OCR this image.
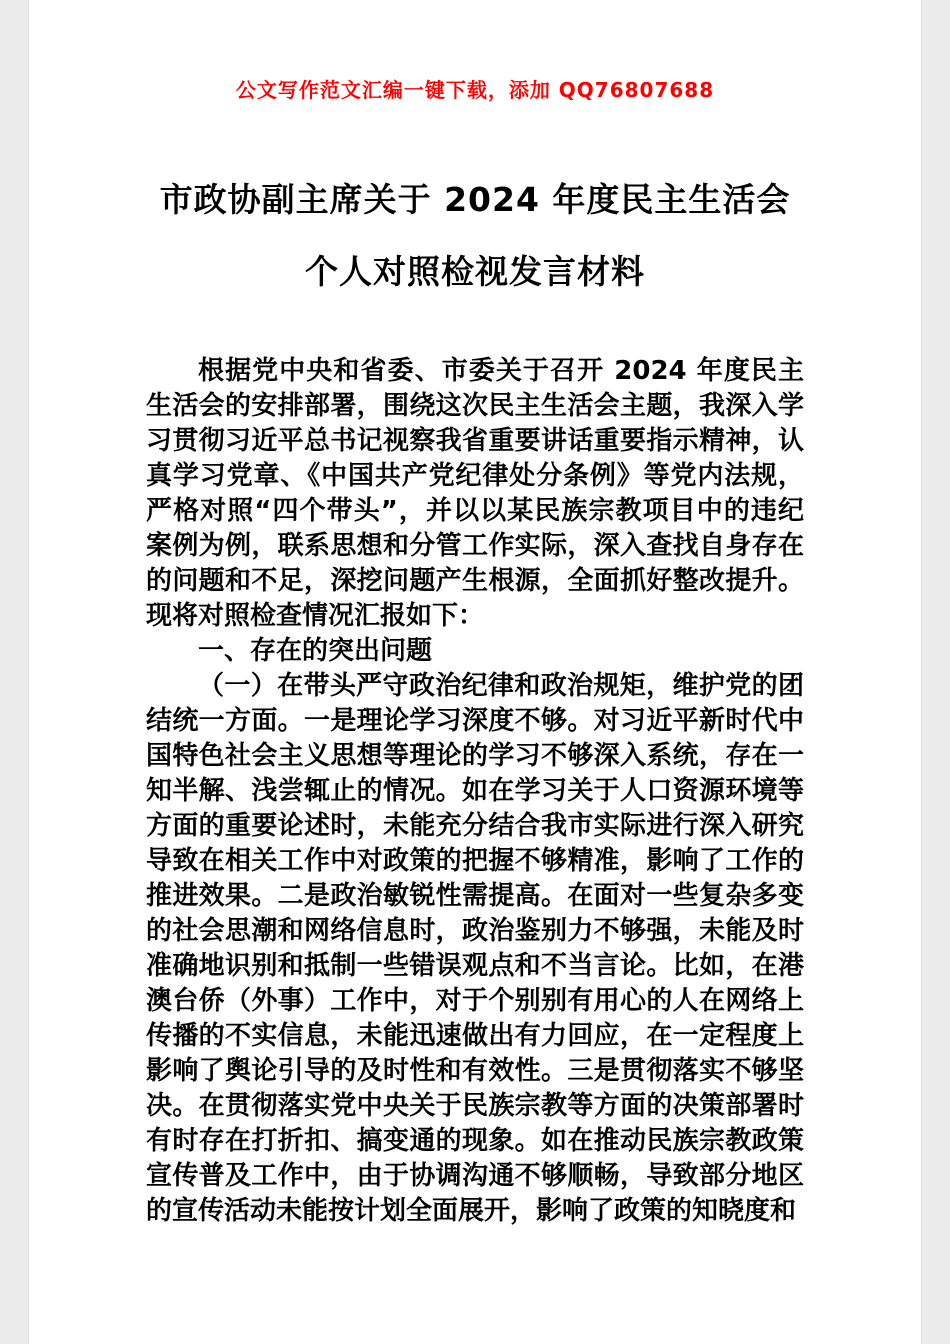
公文写作范文汇编一键下载，添加 QQ76807688
市政协副主席关于 2024 年度民主生活会个人对照检视发言材料

根据党中央和省委、市委关于召开 2024 年度民主生活会的安排部署，围绕这次民主生活会主题，我深入学习贯彻习近平总书记视察我省重要讲话重要指示精神，认真学习党章、《中国共产党纪律处分条例》等党内法规，严格对照“四个带头”，并以以某民族宗教项目中的违纪案例为例，联系思想和分管工作实际，深入查找自身存在的问题和不足，深挖问题产生根源，全面抓好整改提升。现将对照检查情况汇报如下：

一、存在的突出问题

（一）在带头严守政治纪律和政治规矩，维护党的团结统一方面。一是理论学习深度不够。对习近平新时代中国特色社会主义思想等理论的学习不够深入系统，存在一知半解、浅尝辄止的情况。如在学习关于人口资源环境等方面的重要论述时，未能充分结合我市实际进行深入研究导致在相关工作中对政策的把握不够精准，影响了工作的推进效果。二是政治敏锐性需提高。在面对一些复杂多变的社会思潮和网络信息时，政治鉴别力不够强，未能及时准确地识别和抵制一些错误观点和不当言论。比如，在港澳台侨（外事）工作中，对于个别别有用心的人在网络上传播的不实信息，未能迅速做出有力回应，在一定程度上影响了舆论引导的及时性和有效性。三是贯彻落实不够坚决。在贯彻落实党中央关于民族宗教等方面的决策部署时有时存在打折扣、搞变通的现象。如在推动民族宗教政策宣传普及工作中，由于协调沟通不够顺畅，导致部分地区的宣传活动未能按计划全面展开，影响了政策的知晓度和
